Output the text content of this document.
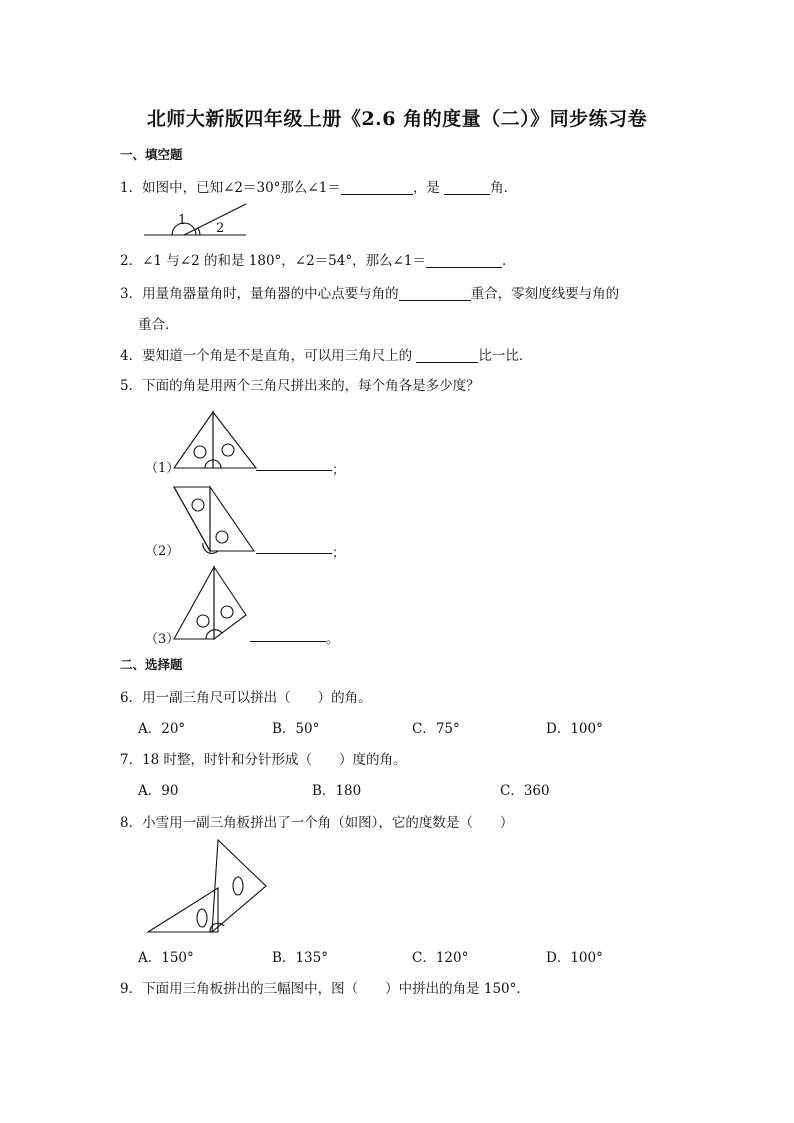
北师大新版四年级上册《2.6 角的度量（二）》同步练习卷
一、填空题
1．如图中，已知∠2＝30°那么∠1＝	，是	角．
1
2
2．∠1 与∠2 的和是 180°，∠2＝54°，那么∠1＝	．
3．用量角器量角时，量角器的中心点要与角的	重合，零刻度线要与角的
重合．
4．要知道一个角是不是直角，可以用三角尺上的	比一比．
5．下面的角是用两个三角尺拼出来的，每个角各是多少度？
（1）	；
（2）	；
（3）	。
二、选择题
6．用一副三角尺可以拼出（　　）的角。
A．20°	B．50°	C．75°	D．100°
7．18 时整，时针和分针形成（　　）度的角。
A．90	B．180	C．360
8．小雪用一副三角板拼出了一个角（如图），它的度数是（　　）
A．150°	B．135°	C．120°	D．100°
9．下面用三角板拼出的三幅图中，图（　　）中拼出的角是 150°．
